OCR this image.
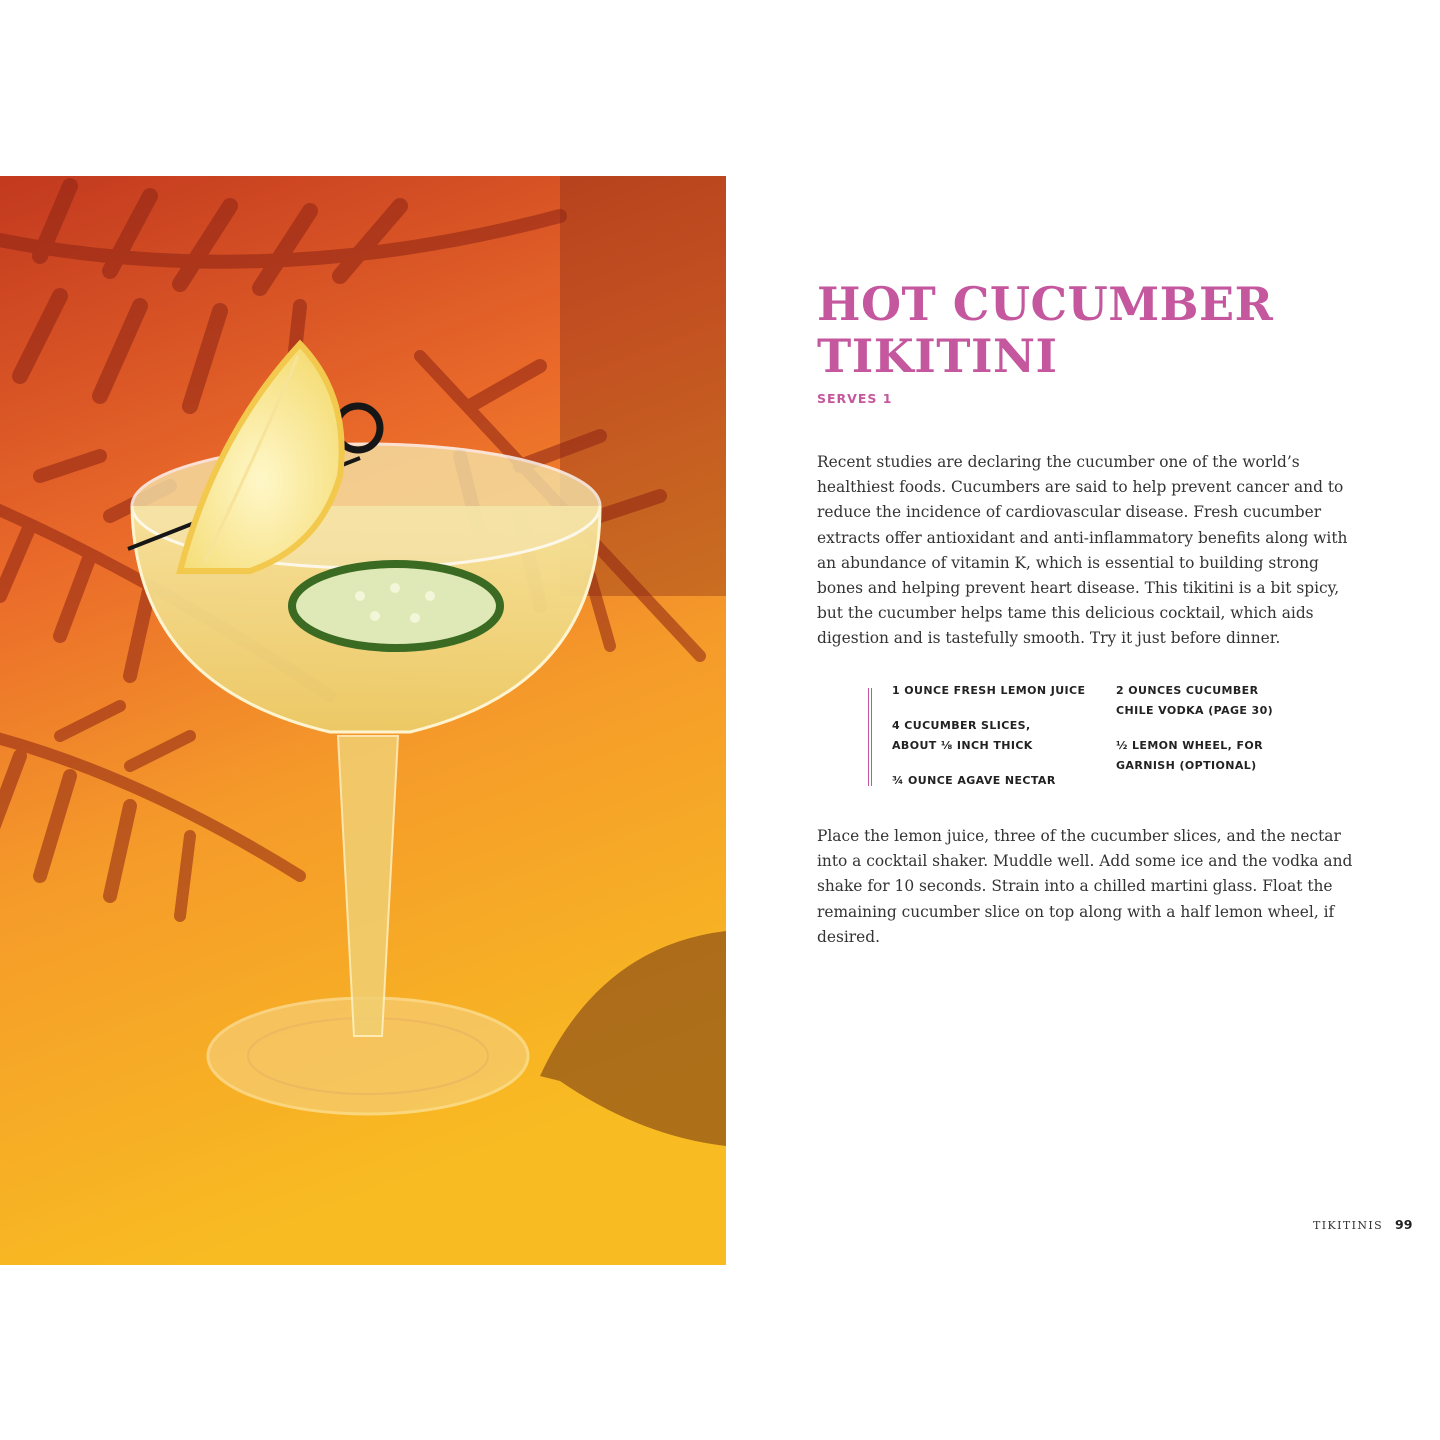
HOT CUCUMBER
TIKITINI
SERVES 1

Recent studies are declaring the cucumber one of the world’s healthiest foods. Cucumbers are said to help prevent cancer and to reduce the incidence of cardiovascular disease. Fresh cucumber extracts offer antioxidant and anti-inflammatory benefits along with an abundance of vitamin K, which is essential to building strong bones and helping prevent heart disease. This tikitini is a bit spicy, but the cucumber helps tame this delicious cocktail, which aids digestion and is tastefully smooth. Try it just before dinner.

1 OUNCE FRESH LEMON JUICE

4 CUCUMBER SLICES,
ABOUT ⅛ INCH THICK

¾ OUNCE AGAVE NECTAR

2 OUNCES CUCUMBER
CHILE VODKA (PAGE 30)

½ LEMON WHEEL, FOR
GARNISH (OPTIONAL)

Place the lemon juice, three of the cucumber slices, and the nectar into a cocktail shaker. Muddle well. Add some ice and the vodka and shake for 10 seconds. Strain into a chilled martini glass. Float the remaining cucumber slice on top along with a half lemon wheel, if desired.

TIKITINIS 99
